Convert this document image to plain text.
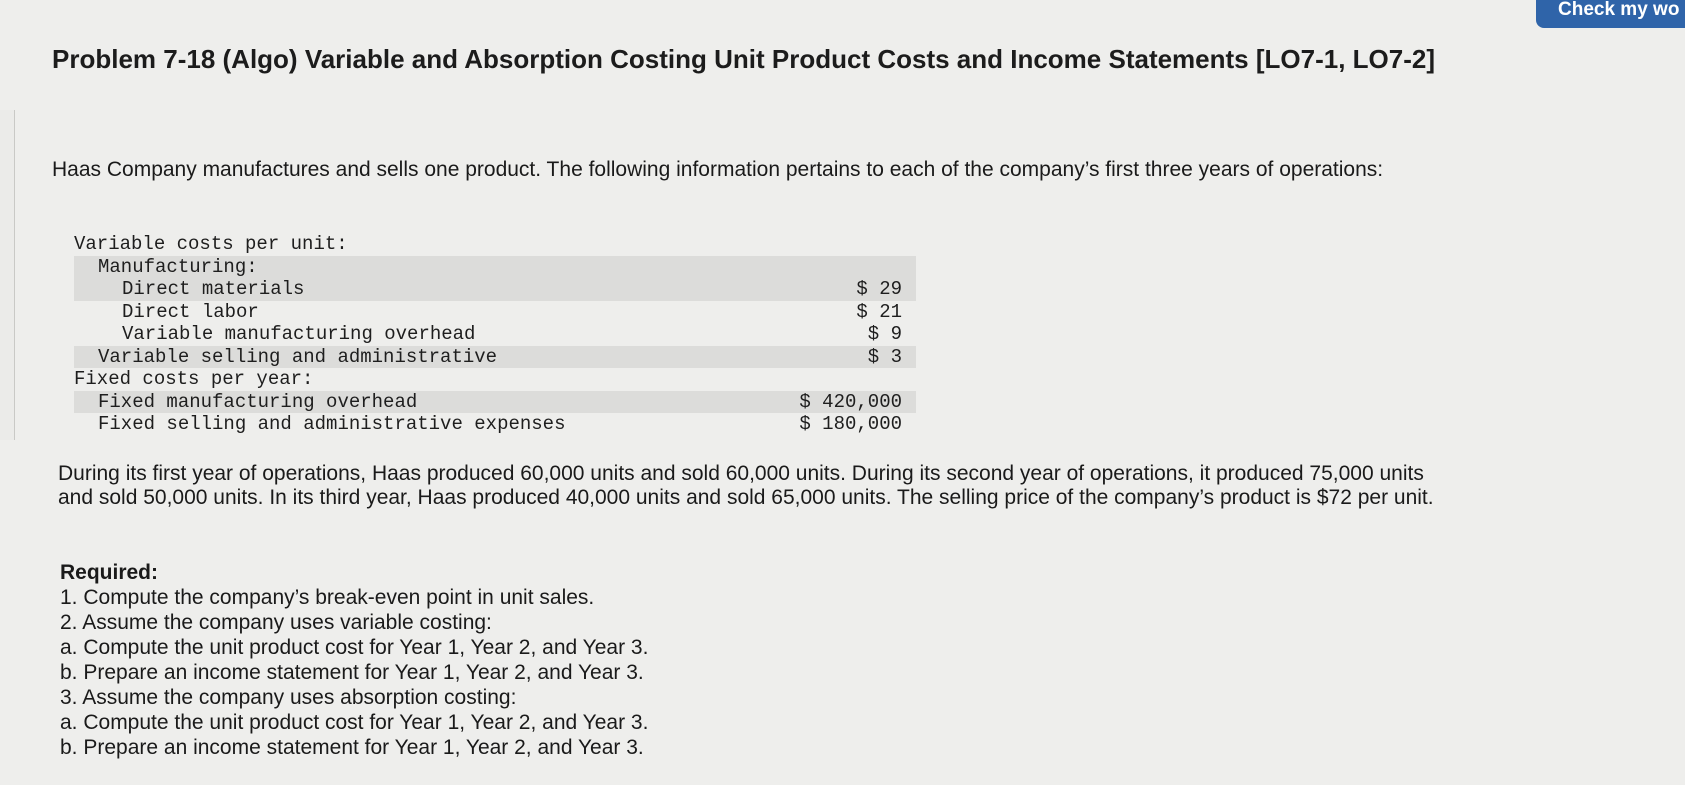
Check my wo
Problem 7-18 (Algo) Variable and Absorption Costing Unit Product Costs and Income Statements [LO7-1, LO7-2]

Haas Company manufactures and sells one product. The following information pertains to each of the company’s first three years of operations:

Variable costs per unit:
Manufacturing:
Direct materials	$ 29
Direct labor	$ 21
Variable manufacturing overhead	$ 9
Variable selling and administrative	$ 3
Fixed costs per year:
Fixed manufacturing overhead	$ 420,000
Fixed selling and administrative expenses	$ 180,000

During its first year of operations, Haas produced 60,000 units and sold 60,000 units. During its second year of operations, it produced 75,000 units and sold 50,000 units. In its third year, Haas produced 40,000 units and sold 65,000 units. The selling price of the company’s product is $72 per unit.

Required:

1. Compute the company’s break-even point in unit sales.
2. Assume the company uses variable costing:
a. Compute the unit product cost for Year 1, Year 2, and Year 3.
b. Prepare an income statement for Year 1, Year 2, and Year 3.
3. Assume the company uses absorption costing:
a. Compute the unit product cost for Year 1, Year 2, and Year 3.
b. Prepare an income statement for Year 1, Year 2, and Year 3.
